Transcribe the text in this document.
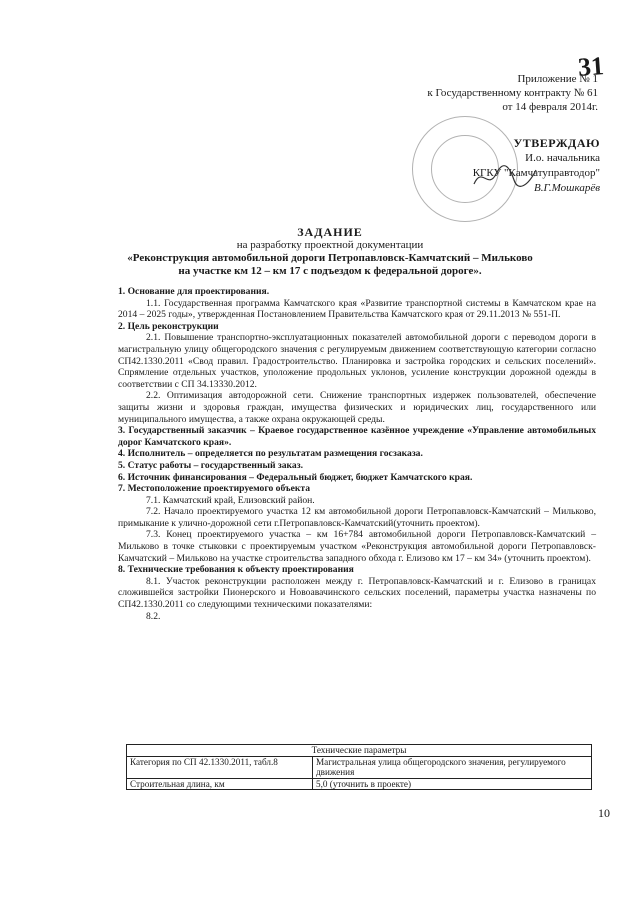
31
Приложение № 1
к Государственному контракту № 61
от 14 февраля 2014г.
УТВЕРЖДАЮ
И.о. начальника
КГКУ "Камчатуправтодор"
В.Г.Мошкарёв
ЗАДАНИЕ
на разработку проектной документации
«Реконструкция автомобильной дороги Петропавловск-Камчатский – Мильково
на участке км 12 – км 17 с подъездом к федеральной дороге».

1. Основание для проектирования.

1.1. Государственная программа Камчатского края «Развитие транспортной системы в Камчатском крае на 2014 – 2025 годы», утвержденная Постановлением Правительства Камчатского края от 29.11.2013 № 551-П.

2. Цель реконструкции

2.1. Повышение транспортно-эксплуатационных показателей автомобильной дороги с переводом дороги в магистральную улицу общегородского значения с регулируемым движением соответствующую категории согласно СП42.1330.2011 «Свод правил. Градостроительство. Планировка и застройка городских и сельских поселений». Спрямление отдельных участков, уположение продольных уклонов, усиление конструкции дорожной одежды в соответствии с СП 34.13330.2012.

2.2. Оптимизация автодорожной сети. Снижение транспортных издержек пользователей, обеспечение защиты жизни и здоровья граждан, имущества физических и юридических лиц, государственного или муниципального имущества, а также охрана окружающей среды.

3. Государственный заказчик – Краевое государственное казённое учреждение «Управление автомобильных дорог Камчатского края».

4. Исполнитель – определяется по результатам размещения госзаказа.

5. Статус работы – государственный заказ.

6. Источник финансирования – Федеральный бюджет, бюджет Камчатского края.

7. Местоположение проектируемого объекта

7.1. Камчатский край, Елизовский район.

7.2. Начало проектируемого участка 12 км автомобильной дороги Петропавловск-Камчатский – Мильково, примыкание к улично-дорожной сети г.Петропавловск-Камчатский(уточнить проектом).

7.3. Конец проектируемого участка – км 16+784 автомобильной дороги Петропавловск-Камчатский – Мильково в точке стыковки с проектируемым участком «Реконструкция автомобильной дороги Петропавловск-Камчатский – Мильково на участке строительства западного обхода г. Елизово км 17 – км 34» (уточнить проектом).

8. Технические требования к объекту проектирования

8.1. Участок реконструкции расположен между г. Петропавловск-Камчатский и г. Елизово в границах сложившейся застройки Пионерского и Новоавачинского сельских поселений, параметры участка назначены по СП42.1330.2011 со следующими техническими показателями:

8.2.

Технические параметры	
Категория по СП 42.1330.2011, табл.8	Магистральная улица общегородского значения, регулируемого движения
Строительная длина, км	5,0 (уточнить в проекте)
10
